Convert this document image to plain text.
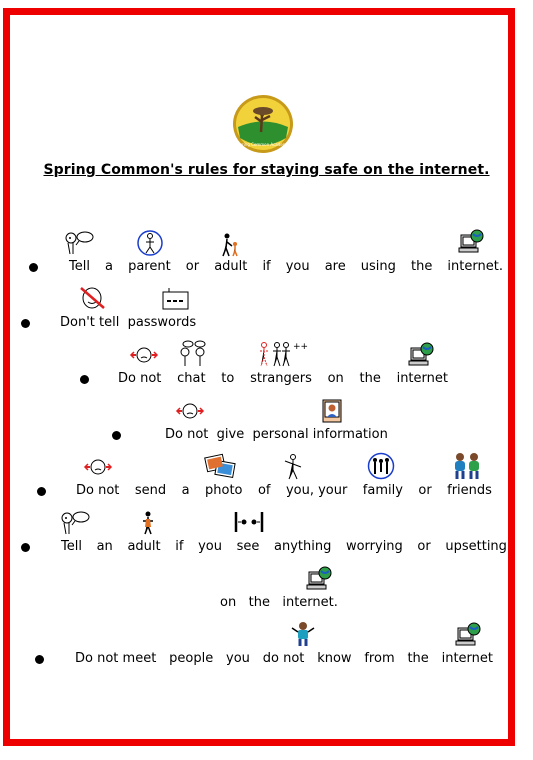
Spring Common Academy
Spring Common's rules for staying safe on the internet.
Tell a parent or adult if you are using the internet.
Don't tell passwords
++
Do not chat to strangers on the internet
Do not give personal information
Do not send a photo of you, your family or friends
Tell an adult if you see anything worrying or upsetting
on the internet.
Do not meet people you do not know from the internet
